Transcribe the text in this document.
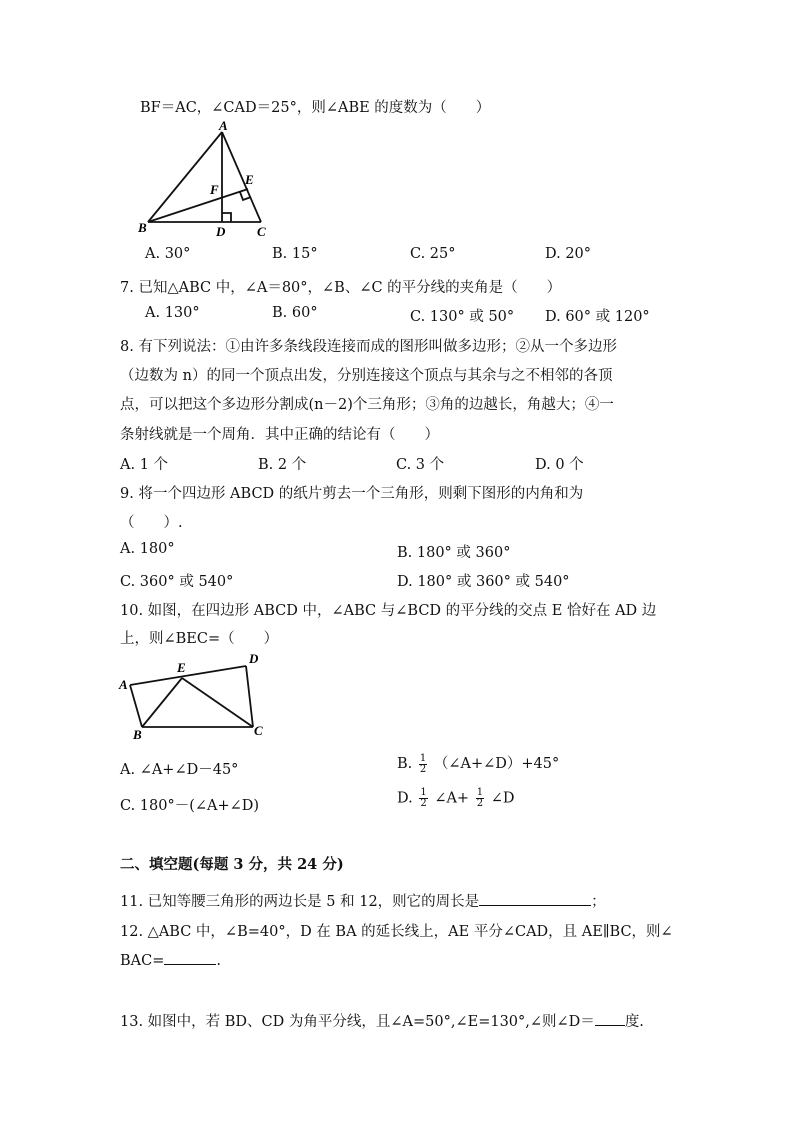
BF＝AC，∠CAD＝25°，则∠ABE 的度数为（　　）
A
B	C
D
E
F
A. 30°	B. 15°	C. 25°	D. 20°
7. 已知△ABC 中，∠A＝80°，∠B、∠C 的平分线的夹角是（　　）
A. 130°	B. 60°	C. 130° 或 50° D. 60° 或 120°
8. 有下列说法：①由许多条线段连接而成的图形叫做多边形；②从一个多边形
（边数为 n）的同一个顶点出发，分别连接这个顶点与其余与之不相邻的各顶
点，可以把这个多边形分割成(n－2)个三角形；③角的边越长，角越大；④一
条射线就是一个周角．其中正确的结论有（　　）
A. 1 个	B. 2 个	C. 3 个	D. 0 个
9. 将一个四边形 ABCD 的纸片剪去一个三角形，则剩下图形的内角和为
（　　）.
A. 180°	B. 180° 或 360°
C. 360° 或 540°	D. 180° 或 360° 或 540°
10. 如图，在四边形 ABCD 中，∠ABC 与∠BCD 的平分线的交点 E 恰好在 AD 边
上，则∠BEC=（　　）
A
B	C
D
E
A. ∠A+∠D－45°	B. $\frac{1}{2}$ （∠A+∠D）+45°
C. 180°－(∠A+∠D)	D. $\frac{1}{2}$ ∠A+ $\frac{1}{2}$ ∠D
二、填空题(每题 3 分，共 24 分)
11. 已知等腰三角形的两边长是 5 和 12，则它的周长是	；
12. △ABC 中，∠B=40°，D 在 BA 的延长线上，AE 平分∠CAD，且 AE∥BC，则∠
BAC=	.
13. 如图中，若 BD、CD 为角平分线，且∠A=50°,∠E=130°,∠则∠D＝ 度.
